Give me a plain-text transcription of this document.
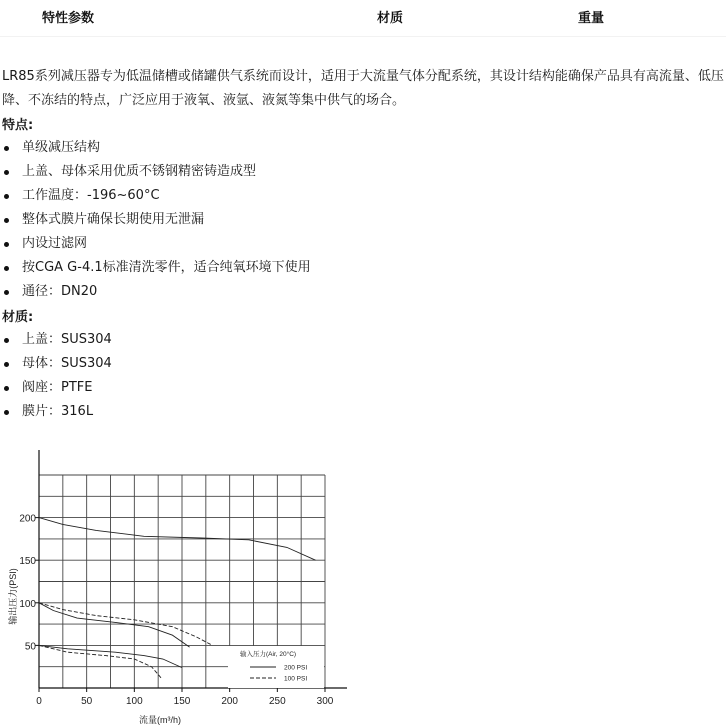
特性参数	材质	重量

LR85系列减压器专为低温储槽或储罐供气系统而设计，适用于大流量气体分配系统，其设计结构能确保产品具有高流量、低压降、不冻结的特点，广泛应用于液氧、液氩、液氮等集中供气的场合。

特点:

单级减压结构
上盖、母体采用优质不锈钢精密铸造成型
工作温度：-196~60°C
整体式膜片确保长期使用无泄漏
内设过滤网
按CGA G-4.1标准清洗零件，适合纯氧环境下使用
通径：DN20

材质:

上盖：SUS304
母体：SUS304
阀座：PTFE
膜片：316L
0	50	100	150	200	250	300
50
100
150
200
流量(m³/h)
输出压力(PSI)
输入压力(Air, 20°C)
200 PSI
100 PSI
